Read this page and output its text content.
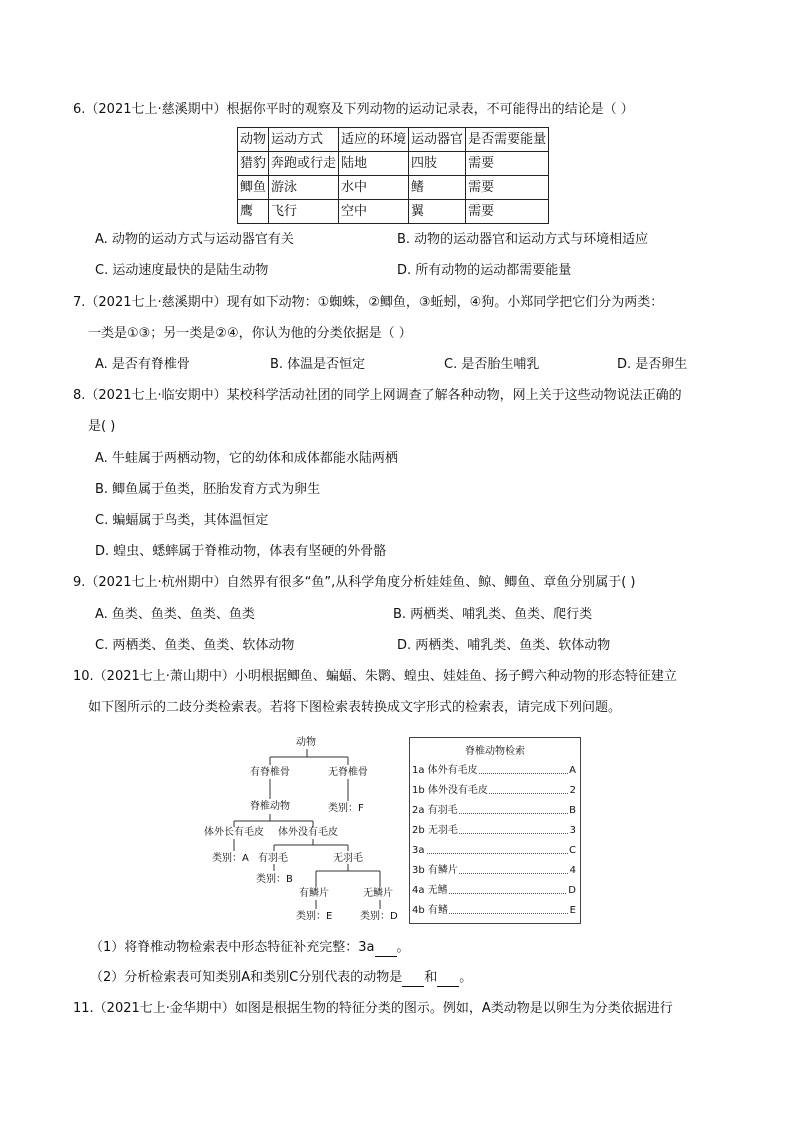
6.（2021七上·慈溪期中）根据你平时的观察及下列动物的运动记录表，不可能得出的结论是（ ）
动物	运动方式	适应的环境	运动器官	是否需要能量
猎豹	奔跑或行走	陆地	四肢	需要
鲫鱼	游泳	水中	鳍	需要
鹰	飞行	空中	翼	需要
A. 动物的运动方式与运动器官有关	B. 动物的运动器官和运动方式与环境相适应
C. 运动速度最快的是陆生动物	D. 所有动物的运动都需要能量
7.（2021七上·慈溪期中）现有如下动物：①蜘蛛，②鲫鱼，③蚯蚓，④狗。小郑同学把它们分为两类：
一类是①③；另一类是②④，你认为他的分类依据是（ ）
A. 是否有脊椎骨	B. 体温是否恒定	C. 是否胎生哺乳	D. 是否卵生
8.（2021七上·临安期中）某校科学活动社团的同学上网调查了解各种动物，网上关于这些动物说法正确的
是( )
A. 牛蛙属于两栖动物，它的幼体和成体都能水陆两栖
B. 鲫鱼属于鱼类，胚胎发育方式为卵生
C. 蝙蝠属于鸟类，其体温恒定
D. 蝗虫、蟋蟀属于脊椎动物，体表有坚硬的外骨骼
9.（2021七上·杭州期中）自然界有很多“鱼”,从科学角度分析娃娃鱼、鲸、鲫鱼、章鱼分别属于( )
A. 鱼类、鱼类、鱼类、鱼类	B. 两栖类、哺乳类、鱼类、爬行类
C. 两栖类、鱼类、鱼类、软体动物	D. 两栖类、哺乳类、鱼类、软体动物
10.（2021七上·萧山期中）小明根据鲫鱼、蝙蝠、朱鹮、蝗虫、娃娃鱼、扬子鳄六种动物的形态特征建立
如下图所示的二歧分类检索表。若将下图检索表转换成文字形式的检索表，请完成下列问题。
动物
有脊椎骨	无脊椎骨
脊椎动物	类别：F
体外长有毛皮 体外没有毛皮
类别：A 有羽毛	无羽毛
类别：B
有鳞片	无鳞片
类别：E	类别：D
脊椎动物检索
1a 体外有毛皮	A
1b 体外没有毛皮	2
2a 有羽毛	B
2b 无羽毛	3
3a	C
3b 有鳞片	4
4a 无鳍	D
4b 有鳍	E
（1）将脊椎动物检索表中形态特征补充完整：3a 。
（2）分析检索表可知类别A和类别C分别代表的动物是 和 。
11.（2021七上·金华期中）如图是根据生物的特征分类的图示。例如，A类动物是以卵生为分类依据进行
